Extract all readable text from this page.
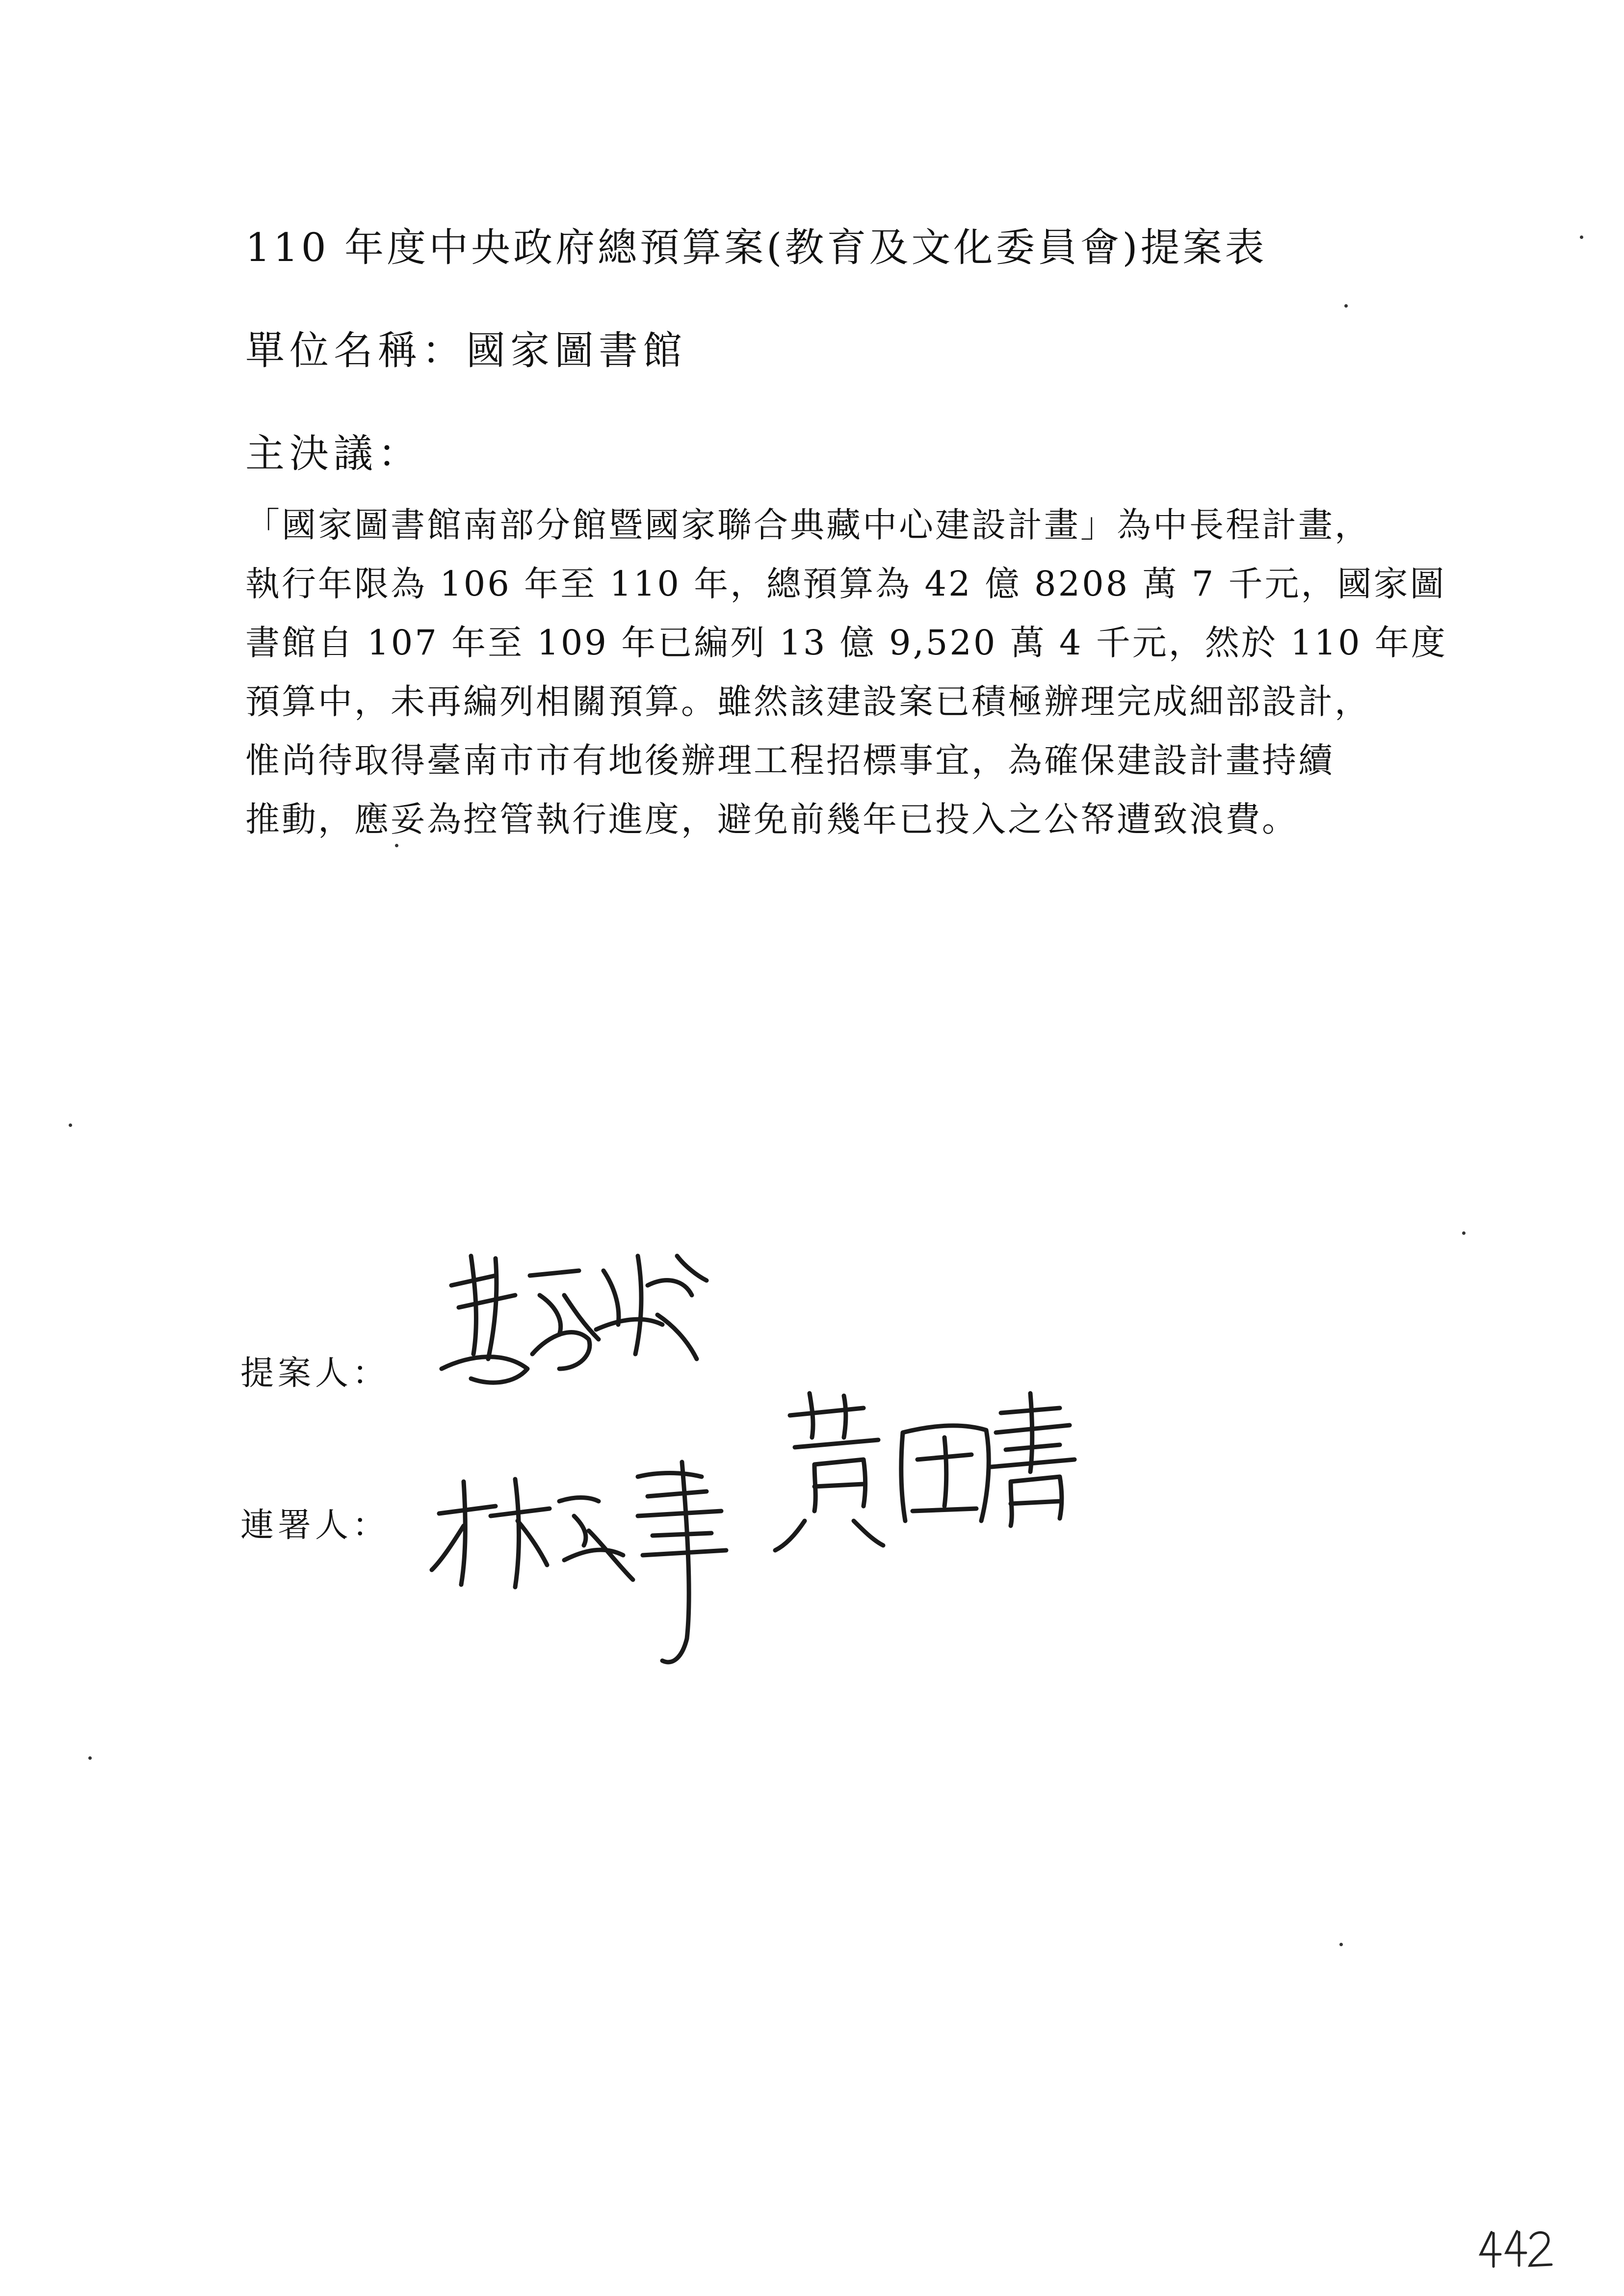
110 年度中央政府總預算案(教育及文化委員會)提案表
單位名稱：國家圖書館
主決議：
「國家圖書館南部分館暨國家聯合典藏中心建設計畫」為中長程計畫，
執行年限為 106 年至 110 年，總預算為 42 億 8208 萬 7 千元，國家圖
書館自 107 年至 109 年已編列 13 億 9,520 萬 4 千元，然於 110 年度
預算中，未再編列相關預算。雖然該建設案已積極辦理完成細部設計，
惟尚待取得臺南市市有地後辦理工程招標事宜，為確保建設計畫持續
推動，應妥為控管執行進度，避免前幾年已投入之公帑遭致浪費。
提案人：
連署人：
